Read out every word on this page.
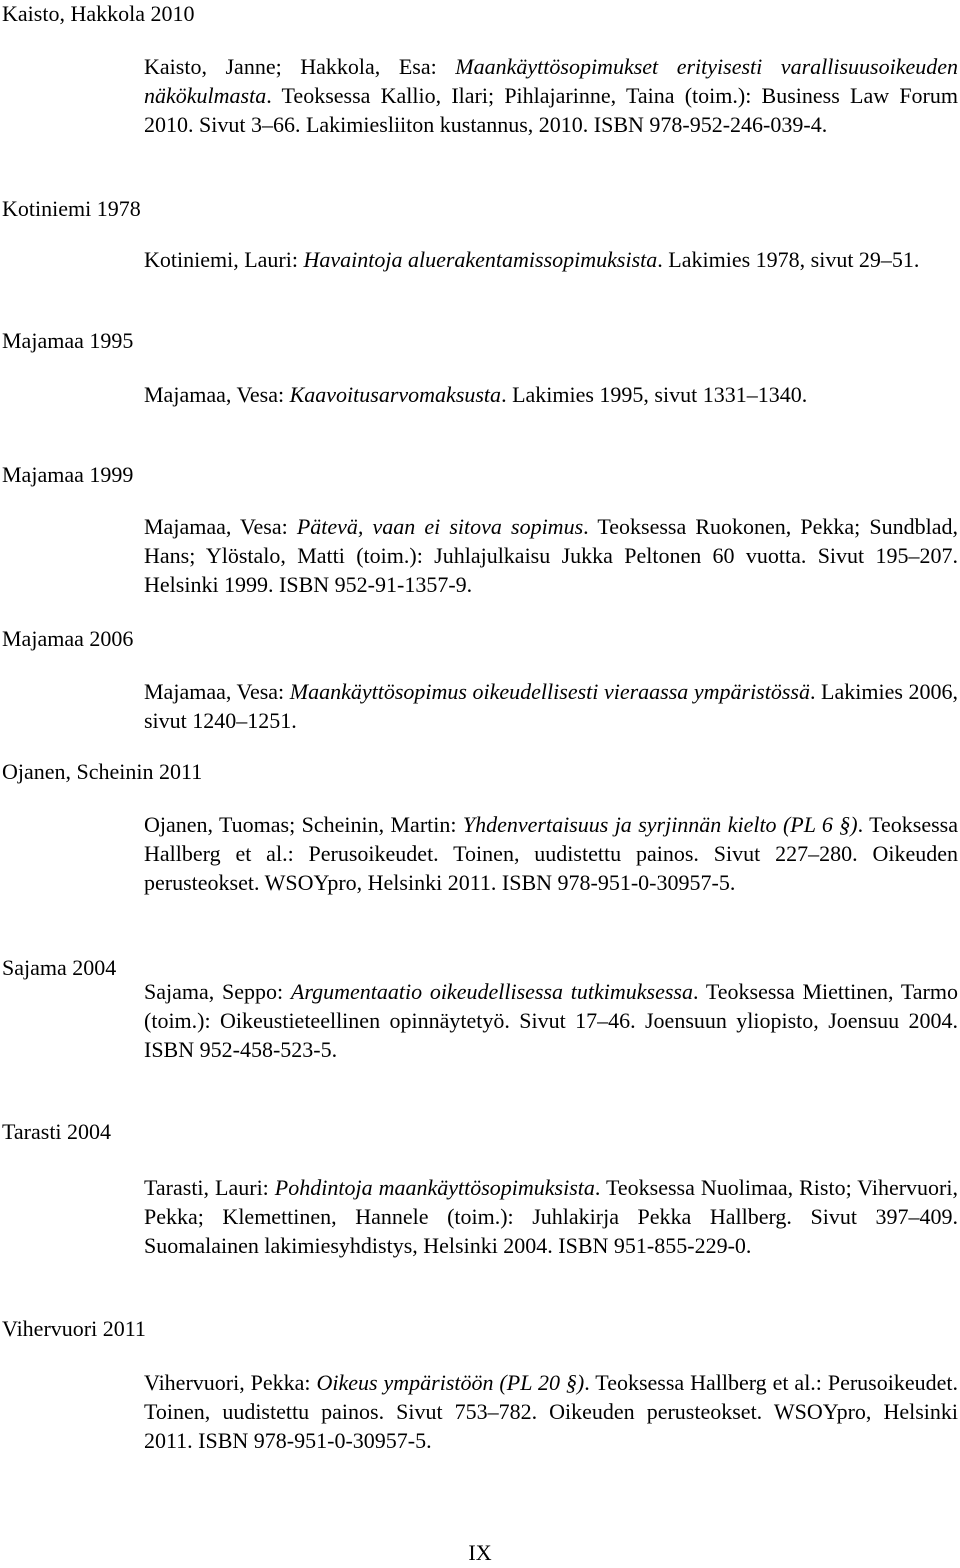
Kaisto, Hakkola 2010
Kaisto, Janne; Hakkola, Esa: Maankäyttösopimukset erityisesti varallisuusoikeuden näkökulmasta. Teoksessa Kallio, Ilari; Pihlajarinne, Taina (toim.): Business Law Forum 2010. Sivut 3–66. Lakimiesliiton kustannus, 2010. ISBN 978-952-246-039-4.
Kotiniemi 1978
Kotiniemi, Lauri: Havaintoja aluerakentamissopimuksista. Lakimies 1978, sivut 29–51.
Majamaa 1995
Majamaa, Vesa: Kaavoitusarvomaksusta. Lakimies 1995, sivut 1331–1340.
Majamaa 1999
Majamaa, Vesa: Pätevä, vaan ei sitova sopimus. Teoksessa Ruokonen, Pekka; Sundblad, Hans; Ylöstalo, Matti (toim.): Juhlajulkaisu Jukka Peltonen 60 vuotta. Sivut 195–207. Helsinki 1999. ISBN 952-91-1357-9.
Majamaa 2006
Majamaa, Vesa: Maankäyttösopimus oikeudellisesti vieraassa ympäristössä. Lakimies 2006, sivut 1240–1251.
Ojanen, Scheinin 2011
Ojanen, Tuomas; Scheinin, Martin: Yhdenvertaisuus ja syrjinnän kielto (PL 6 §). Teoksessa Hallberg et al.: Perusoikeudet. Toinen, uudistettu painos. Sivut 227–280. Oikeuden perusteokset. WSOYpro, Helsinki 2011. ISBN 978-951-0-30957-5.
Sajama 2004
Sajama, Seppo: Argumentaatio oikeudellisessa tutkimuksessa. Teoksessa Miettinen, Tarmo (toim.): Oikeustieteellinen opinnäytetyö. Sivut 17–46. Joensuun yliopisto, Joensuu 2004. ISBN 952-458-523-5.
Tarasti 2004
Tarasti, Lauri: Pohdintoja maankäyttösopimuksista. Teoksessa Nuolimaa, Risto; Vihervuori, Pekka; Klemettinen, Hannele (toim.): Juhlakirja Pekka Hallberg. Sivut 397–409. Suomalainen lakimiesyhdistys, Helsinki 2004. ISBN 951-855-229-0.
Vihervuori 2011
Vihervuori, Pekka: Oikeus ympäristöön (PL 20 §). Teoksessa Hallberg et al.: Perusoikeudet. Toinen, uudistettu painos. Sivut 753–782. Oikeuden perusteokset. WSOYpro, Helsinki 2011. ISBN 978-951-0-30957-5.
IX
